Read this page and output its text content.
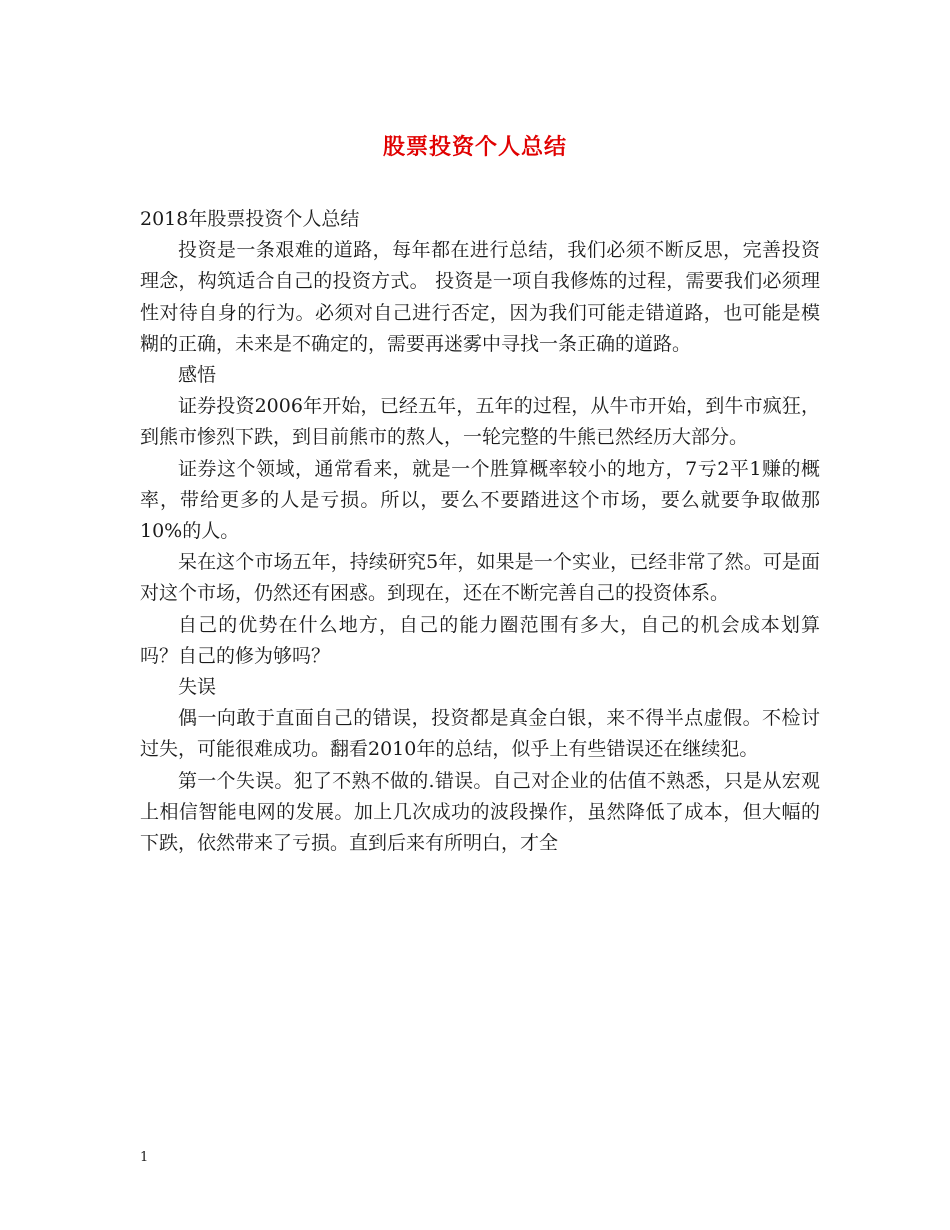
股票投资个人总结

2018年股票投资个人总结

投资是一条艰难的道路，每年都在进行总结，我们必须不断反思，完善投资理念，构筑适合自己的投资方式。 投资是一项自我修炼的过程，需要我们必须理性对待自身的行为。必须对自己进行否定，因为我们可能走错道路，也可能是模糊的正确，未来是不确定的，需要再迷雾中寻找一条正确的道路。

感悟

证券投资2006年开始，已经五年，五年的过程，从牛市开始，到牛市疯狂，到熊市惨烈下跌，到目前熊市的熬人，一轮完整的牛熊已然经历大部分。

证券这个领域，通常看来，就是一个胜算概率较小的地方，7亏2平1赚的概率，带给更多的人是亏损。所以，要么不要踏进这个市场，要么就要争取做那10%的人。

呆在这个市场五年，持续研究5年，如果是一个实业，已经非常了然。可是面对这个市场，仍然还有困惑。到现在，还在不断完善自己的投资体系。

自己的优势在什么地方，自己的能力圈范围有多大，自己的机会成本划算吗？自己的修为够吗？

失误

偶一向敢于直面自己的错误，投资都是真金白银，来不得半点虚假。不检讨过失，可能很难成功。翻看2010年的总结，似乎上有些错误还在继续犯。

第一个失误。犯了不熟不做的.错误。自己对企业的估值不熟悉，只是从宏观上相信智能电网的发展。加上几次成功的波段操作，虽然降低了成本，但大幅的下跌，依然带来了亏损。直到后来有所明白，才全

1
